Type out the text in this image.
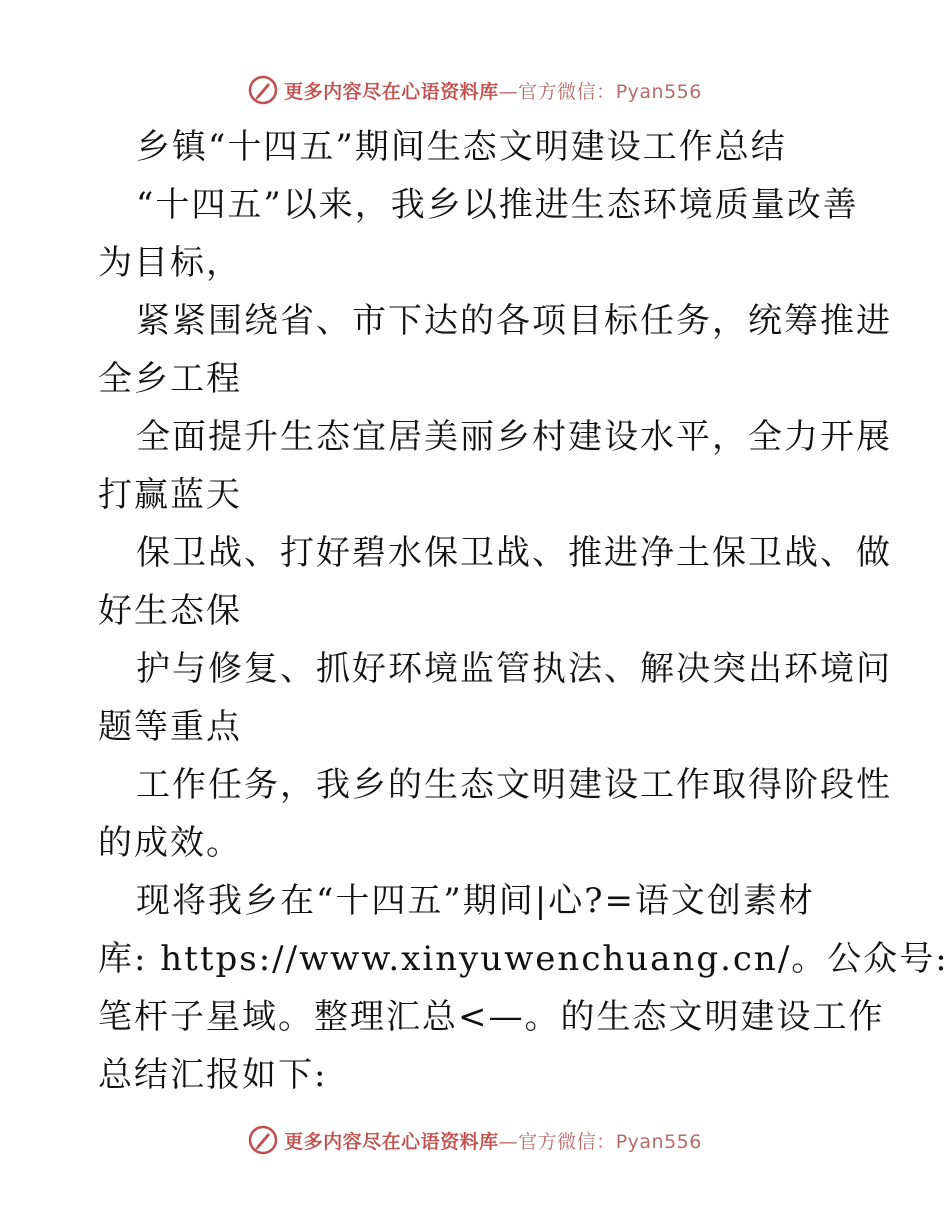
更多内容尽在心语资料库—官方微信：Pyan556
乡镇“十四五”期间生态文明建设工作总结
“十四五”以来，我乡以推进生态环境质量改善
为目标，
紧紧围绕省、市下达的各项目标任务，统筹推进
全乡工程
全面提升生态宜居美丽乡村建设水平，全力开展
打赢蓝天
保卫战、打好碧水保卫战、推进净土保卫战、做
好生态保
护与修复、抓好环境监管执法、解决突出环境问
题等重点
工作任务，我乡的生态文明建设工作取得阶段性
的成效。
现将我乡在“十四五”期间|心?=语文创素材
库: https://www.xinyuwenchuang.cn/。公众号:
笔杆子星域。整理汇总<—。的生态文明建设工作
总结汇报如下:
更多内容尽在心语资料库—官方微信：Pyan556
